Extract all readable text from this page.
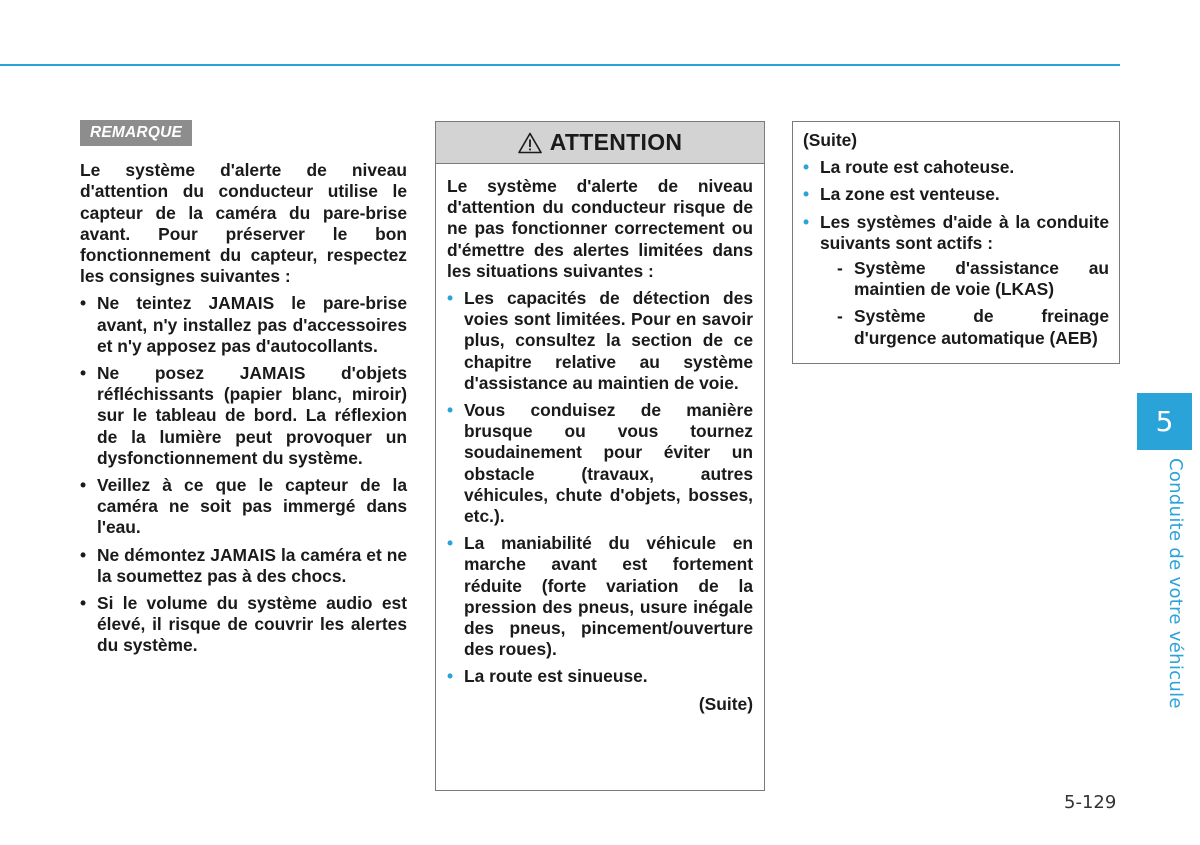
REMARQUE

Le système d'alerte de niveau d'attention du conducteur utilise le capteur de la caméra du pare-brise avant. Pour préserver le bon fonctionnement du capteur, respectez les consignes suivantes :

• Ne teintez JAMAIS le pare-brise avant, n'y installez pas d'accessoires et n'y apposez pas d'autocollants.
• Ne posez JAMAIS d'objets réfléchissants (papier blanc, miroir) sur le tableau de bord. La réflexion de la lumière peut provoquer un dysfonctionnement du système.
• Veillez à ce que le capteur de la caméra ne soit pas immergé dans l'eau.
• Ne démontez JAMAIS la caméra et ne la soumettez pas à des chocs.
• Si le volume du système audio est élevé, il risque de couvrir les alertes du système.
ATTENTION

Le système d'alerte de niveau d'attention du conducteur risque de ne pas fonctionner correctement ou d'émettre des alertes limitées dans les situations suivantes :

• Les capacités de détection des voies sont limitées. Pour en savoir plus, consultez la section de ce chapitre relative au système d'assistance au maintien de voie.
• Vous conduisez de manière brusque ou vous tournez soudainement pour éviter un obstacle (travaux, autres véhicules, chute d'objets, bosses, etc.).
• La maniabilité du véhicule en marche avant est fortement réduite (forte variation de la pression des pneus, usure inégale des pneus, pincement/ouverture des roues).
• La route est sinueuse.
(Suite)
(Suite)
• La route est cahoteuse.
• La zone est venteuse.
• Les systèmes d'aide à la conduite suivants sont actifs :
- Système d'assistance au maintien de voie (LKAS)
- Système de freinage d'urgence automatique (AEB)
5
Conduite de votre véhicule
5-129
